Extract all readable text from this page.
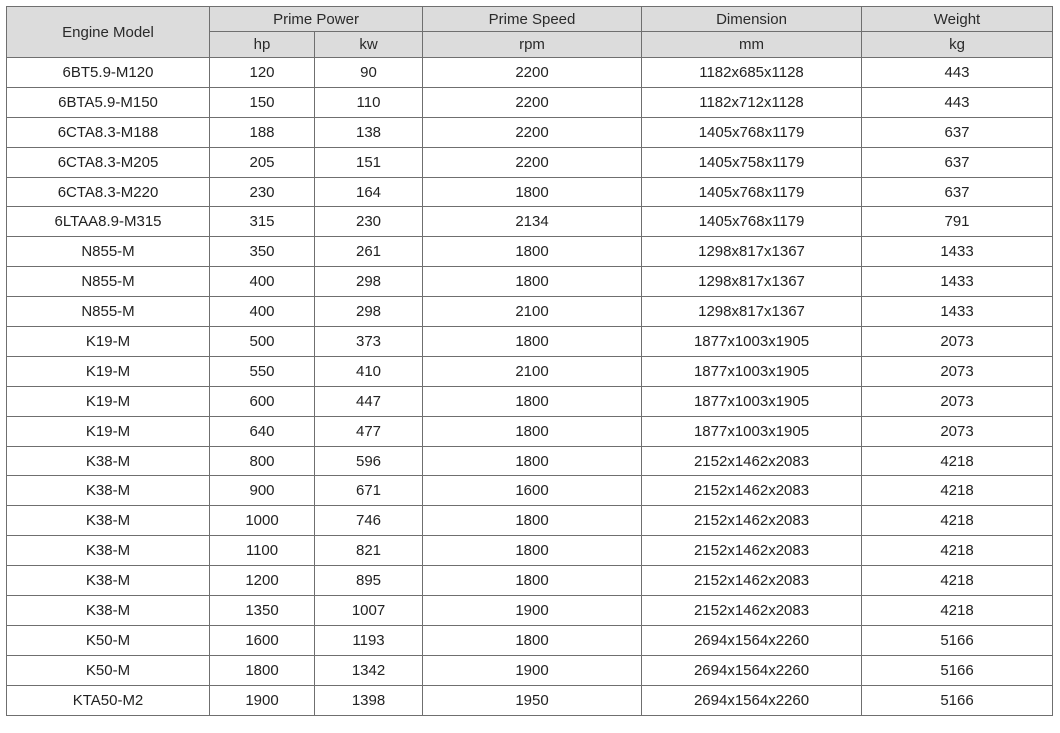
Engine Model	Prime Power		Prime Speed	Dimension	Weight
	hp	kw	rpm	mm	kg
6BT5.9-M120	120	90	2200	1182x685x1128	443
6BTA5.9-M150	150	110	2200	1182x712x1128	443
6CTA8.3-M188	188	138	2200	1405x768x1179	637
6CTA8.3-M205	205	151	2200	1405x758x1179	637
6CTA8.3-M220	230	164	1800	1405x768x1179	637
6LTAA8.9-M315	315	230	2134	1405x768x1179	791
N855-M	350	261	1800	1298x817x1367	1433
N855-M	400	298	1800	1298x817x1367	1433
N855-M	400	298	2100	1298x817x1367	1433
K19-M	500	373	1800	1877x1003x1905	2073
K19-M	550	410	2100	1877x1003x1905	2073
K19-M	600	447	1800	1877x1003x1905	2073
K19-M	640	477	1800	1877x1003x1905	2073
K38-M	800	596	1800	2152x1462x2083	4218
K38-M	900	671	1600	2152x1462x2083	4218
K38-M	1000	746	1800	2152x1462x2083	4218
K38-M	1100	821	1800	2152x1462x2083	4218
K38-M	1200	895	1800	2152x1462x2083	4218
K38-M	1350	1007	1900	2152x1462x2083	4218
K50-M	1600	1193	1800	2694x1564x2260	5166
K50-M	1800	1342	1900	2694x1564x2260	5166
KTA50-M2	1900	1398	1950	2694x1564x2260	5166
